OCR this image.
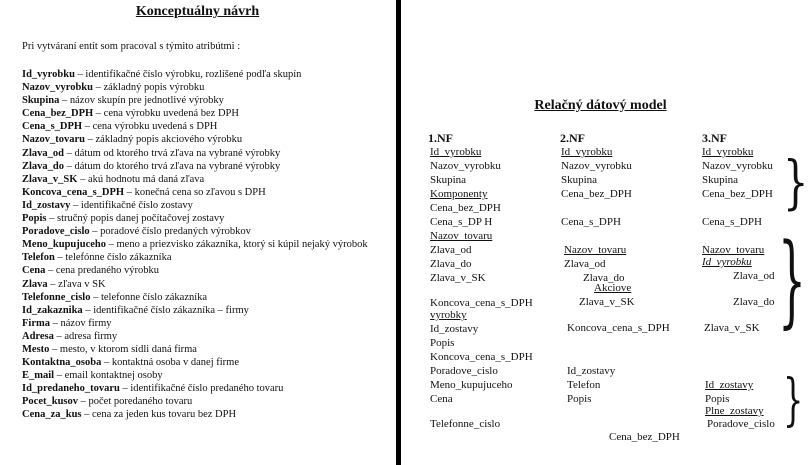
Konceptuálny návrh
Pri vytváraní entít som pracoval s týmito atribútmi :
Id_vyrobku – identifikačné číslo výrobku, rozlíšené podľa skupín
Nazov_vyrobku – základný popis výrobku
Skupina – názov skupín pre jednotlivé výrobky
Cena_bez_DPH – cena výrobku uvedená bez DPH
Cena_s_DPH – cena výrobku uvedená s DPH
Nazov_tovaru – základný popis akciového výrobku
Zlava_od – dátum od ktorého trvá zľava na vybrané výrobky
Zlava_do – dátum do ktorého trvá zľava na vybrané výrobky
Zlava_v_SK – akú hodnotu má daná zľava
Koncova_cena_s_DPH – konečná cena so zľavou s DPH
Id_zostavy – identifikačné číslo zostavy
Popis – stručný popis danej počítačovej zostavy
Poradove_cislo – poradové číslo predaných výrobkov
Meno_kupujuceho – meno a priezvisko zákazníka, ktorý si kúpil nejaký výrobok
Telefon – telefónne číslo zákazníka
Cena – cena predaného výrobku
Zlava – zľava v SK
Telefonne_cislo – telefonne číslo zákazníka
Id_zakaznika – identifikačné číslo zákazníka – firmy
Firma – názov firmy
Adresa – adresa firmy
Mesto – mesto, v ktorom sídli daná firma
Kontaktna_osoba – kontaktná osoba v danej firme
E_mail – email kontaktnej osoby
Id_predaneho_tovaru – identifikačné číslo predaného tovaru
Pocet_kusov – počet poredaného tovaru
Cena_za_kus – cena za jeden kus tovaru bez DPH
Relačný dátový model
1.NF	2.NF	3.NF
}
}
}
Id_vyrobku
Nazov_vyrobku
Skupina
Komponenty
Cena_bez_DPH
Cena_s_DP H
Nazov_tovaru
Zlava_od
Zlava_do
Zlava_v_SK
Koncova_cena_s_DPH
vyrobky
Id_zostavy
Popis
Koncova_cena_s_DPH
Poradove_cislo
Meno_kupujuceho
Cena
Telefonne_cislo
Id_vyrobku
Nazov_vyrobku
Skupina
Cena_bez_DPH
Cena_s_DPH
Nazov_tovaru
Zlava_od
Zlava_do
Akciove
Zlava_v_SK
Koncova_cena_s_DPH
Id_zostavy
Telefon
Popis
Cena_bez_DPH
Id_vyrobku
Nazov_vyrobku
Skupina
Cena_bez_DPH
Cena_s_DPH
Nazov_tovaru
Id_vyrobku
Zlava_od
Zlava_do
Zlava_v_SK
Id_zostavy
Popis
Plne_zostavy
Poradove_cislo
